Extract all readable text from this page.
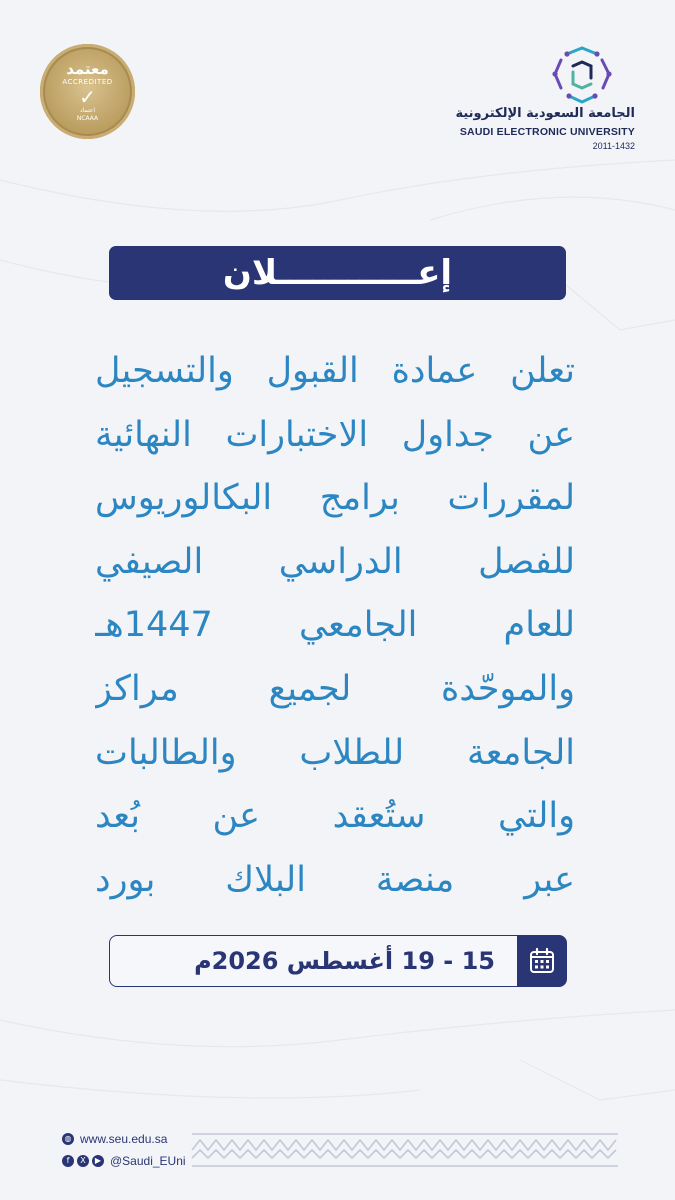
معتمد
ACCREDITED
✓
اعتماد
NCAAA	الجامعة السعودية الإلكترونية
SAUDI ELECTRONIC UNIVERSITY
2011-1432
إعــــــــــــلان
تعلن عمادة القبول والتسجيل
عن جداول الاختبارات النهائية
لمقررات برامج البكالوريوس
للفصل الدراسي الصيفي
للعام الجامعي 1447هـ
والموحّدة لجميع مراكز
الجامعة للطلاب والطالبات
والتي ستُعقد عن بُعد
عبر منصة البلاك بورد
15 - 19 أغسطس 2026م
◍ www.seu.edu.sa
f	X	▶ @Saudi_EUni
